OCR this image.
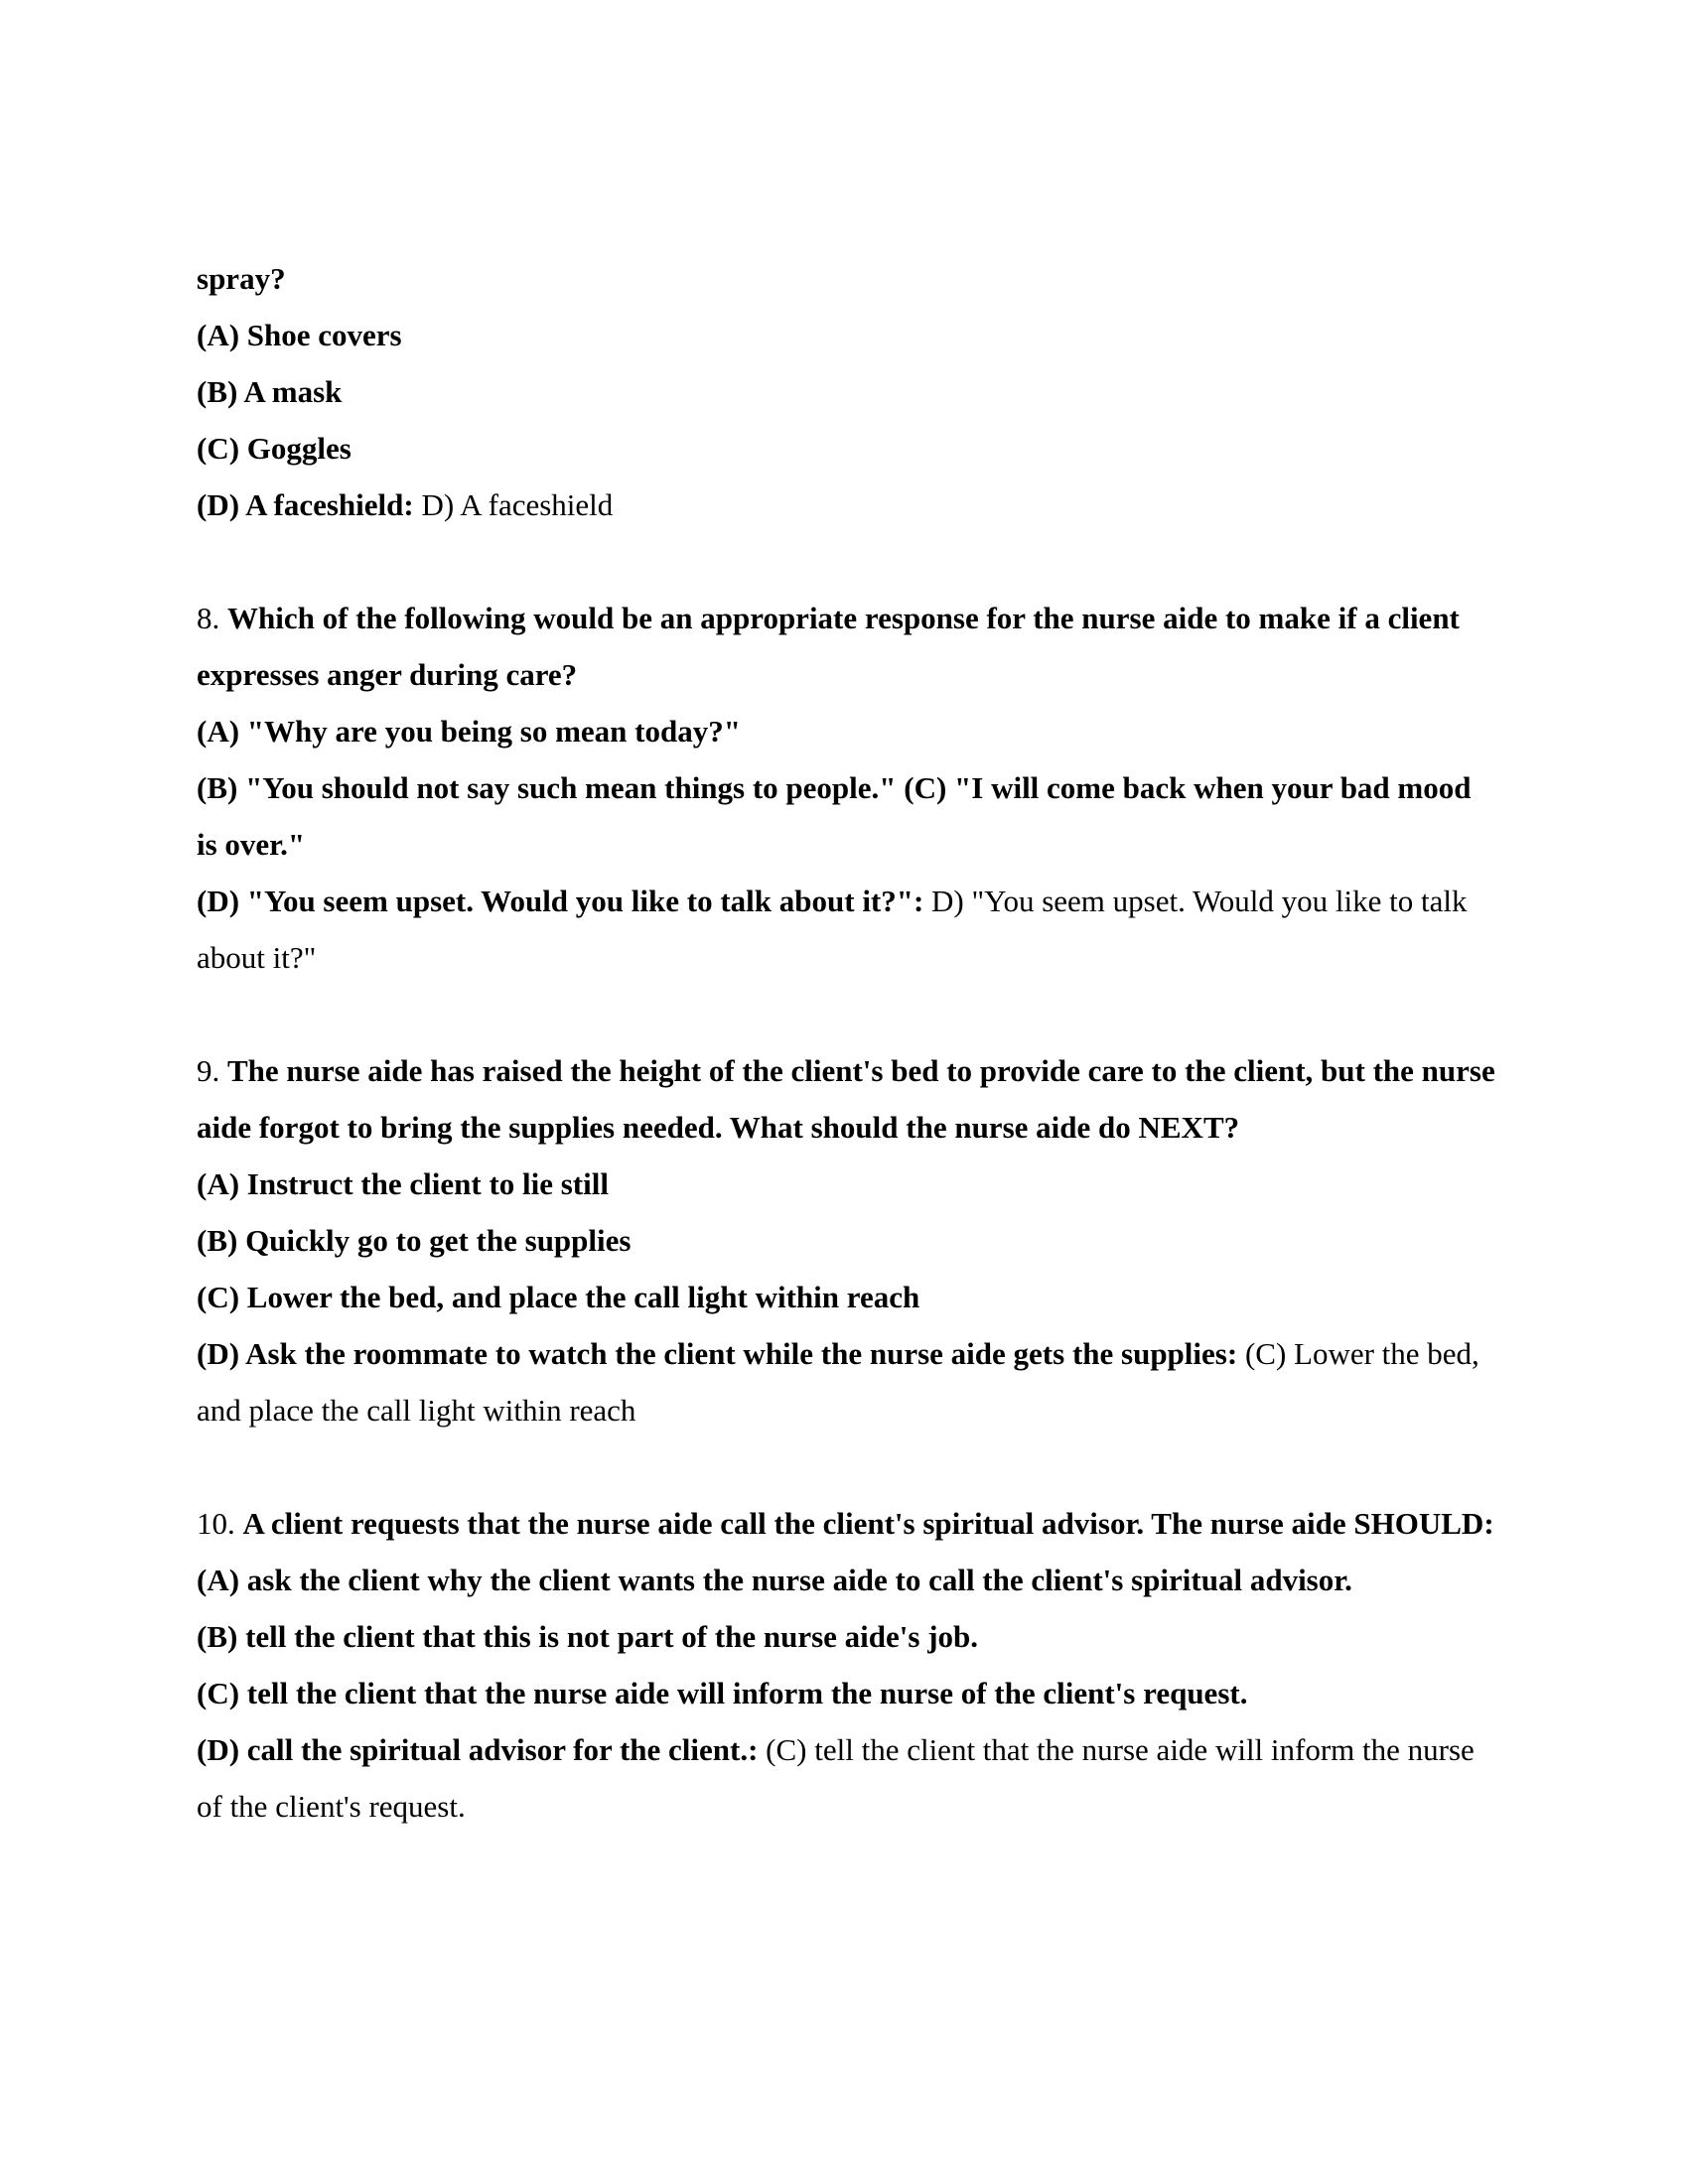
spray?
(A) Shoe covers
(B) A mask
(C) Goggles
(D) A faceshield: D) A faceshield
8. Which of the following would be an appropriate response for the nurse aide to make if a client expresses anger during care?
(A) "Why are you being so mean today?"
(B) "You should not say such mean things to people." (C) "I will come back when your bad mood is over."
(D) "You seem upset. Would you like to talk about it?": D) "You seem upset. Would you like to talk about it?"
9. The nurse aide has raised the height of the client's bed to provide care to the client, but the nurse aide forgot to bring the supplies needed. What should the nurse aide do NEXT?
(A) Instruct the client to lie still
(B) Quickly go to get the supplies
(C) Lower the bed, and place the call light within reach
(D) Ask the roommate to watch the client while the nurse aide gets the supplies: (C) Lower the bed, and place the call light within reach
10. A client requests that the nurse aide call the client's spiritual advisor. The nurse aide SHOULD:
(A) ask the client why the client wants the nurse aide to call the client's spiritual advisor.
(B) tell the client that this is not part of the nurse aide's job.
(C) tell the client that the nurse aide will inform the nurse of the client's request.
(D) call the spiritual advisor for the client.: (C) tell the client that the nurse aide will inform the nurse of the client's request.
